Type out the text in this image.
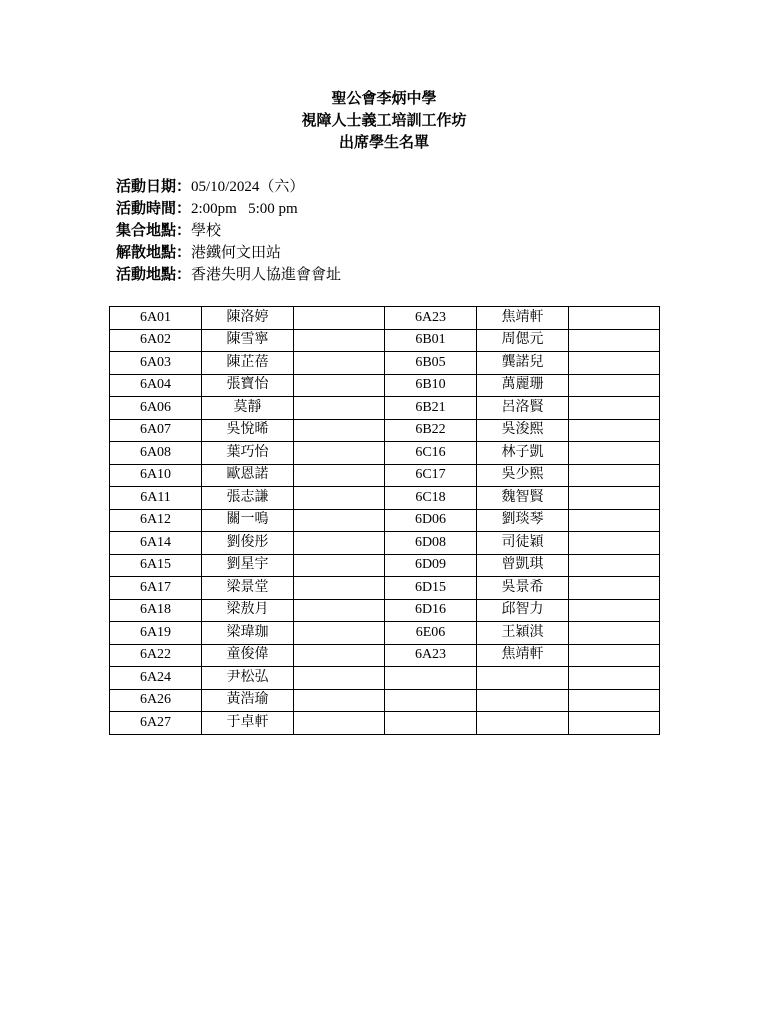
聖公會李炳中學
視障人士義工培訓工作坊
出席學生名單
活動日期：05/10/2024（六）
活動時間：2:00pm   5:00 pm
集合地點：學校
解散地點：港鐵何文田站
活動地點：香港失明人協進會會址
6A01	陳洛婷		6A23	焦靖軒	
6A02	陳雪寧		6B01	周偲元	
6A03	陳芷蓓		6B05	龔諾兒	
6A04	張寶怡		6B10	萬麗珊	
6A06	莫靜		6B21	呂洛賢	
6A07	吳悅晞		6B22	吳浚熙	
6A08	葉巧怡		6C16	林子凱	
6A10	歐恩諾		6C17	吳少熙	
6A11	張志謙		6C18	魏智賢	
6A12	關一鳴		6D06	劉琰琴	
6A14	劉俊彤		6D08	司徒穎	
6A15	劉星宇		6D09	曾凱琪	
6A17	梁景堂		6D15	吳景希	
6A18	梁敖月		6D16	邱智力	
6A19	梁瑋珈		6E06	王穎淇	
6A22	童俊偉		6A23	焦靖軒	
6A24	尹松弘				
6A26	黃浩瑜				
6A27	于卓軒				
